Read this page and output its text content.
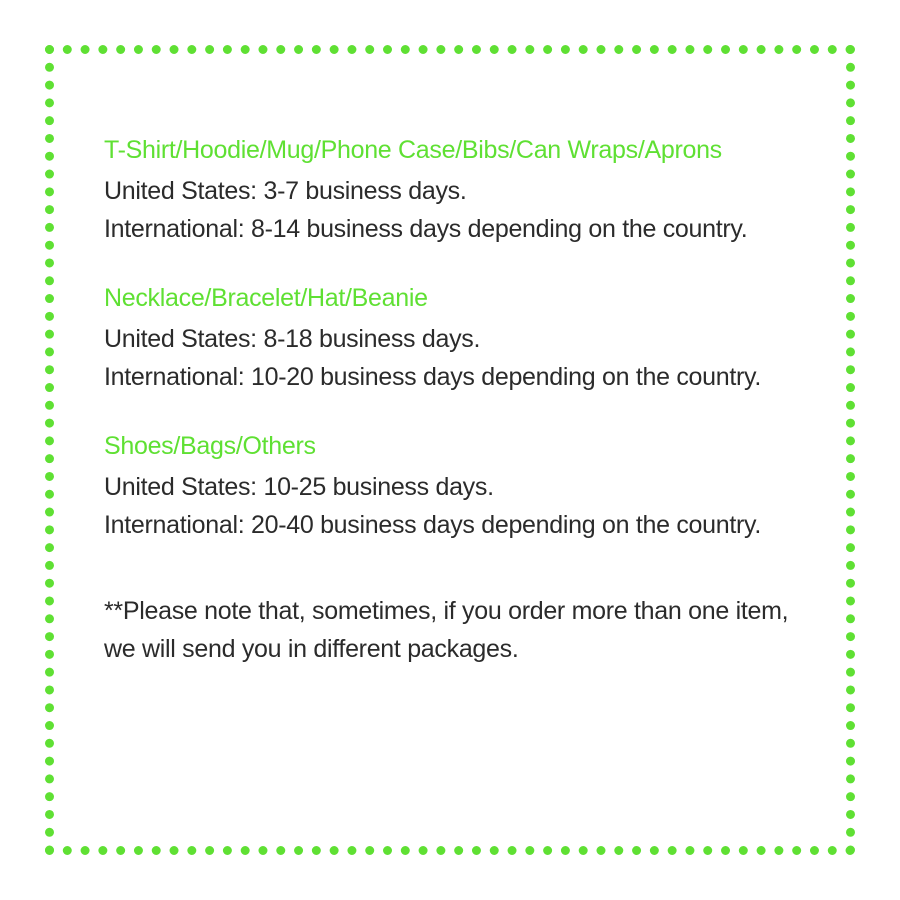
T-Shirt/Hoodie/Mug/Phone Case/Bibs/Can Wraps/Aprons

United States: 3-7 business days.

International: 8-14 business days depending on the country.

Necklace/Bracelet/Hat/Beanie

United States: 8-18 business days.

International: 10-20 business days depending on the country.

Shoes/Bags/Others

United States: 10-25 business days.

International: 20-40 business days depending on the country.

**Please note that, sometimes, if you order more than one item, we will send you in different packages.
